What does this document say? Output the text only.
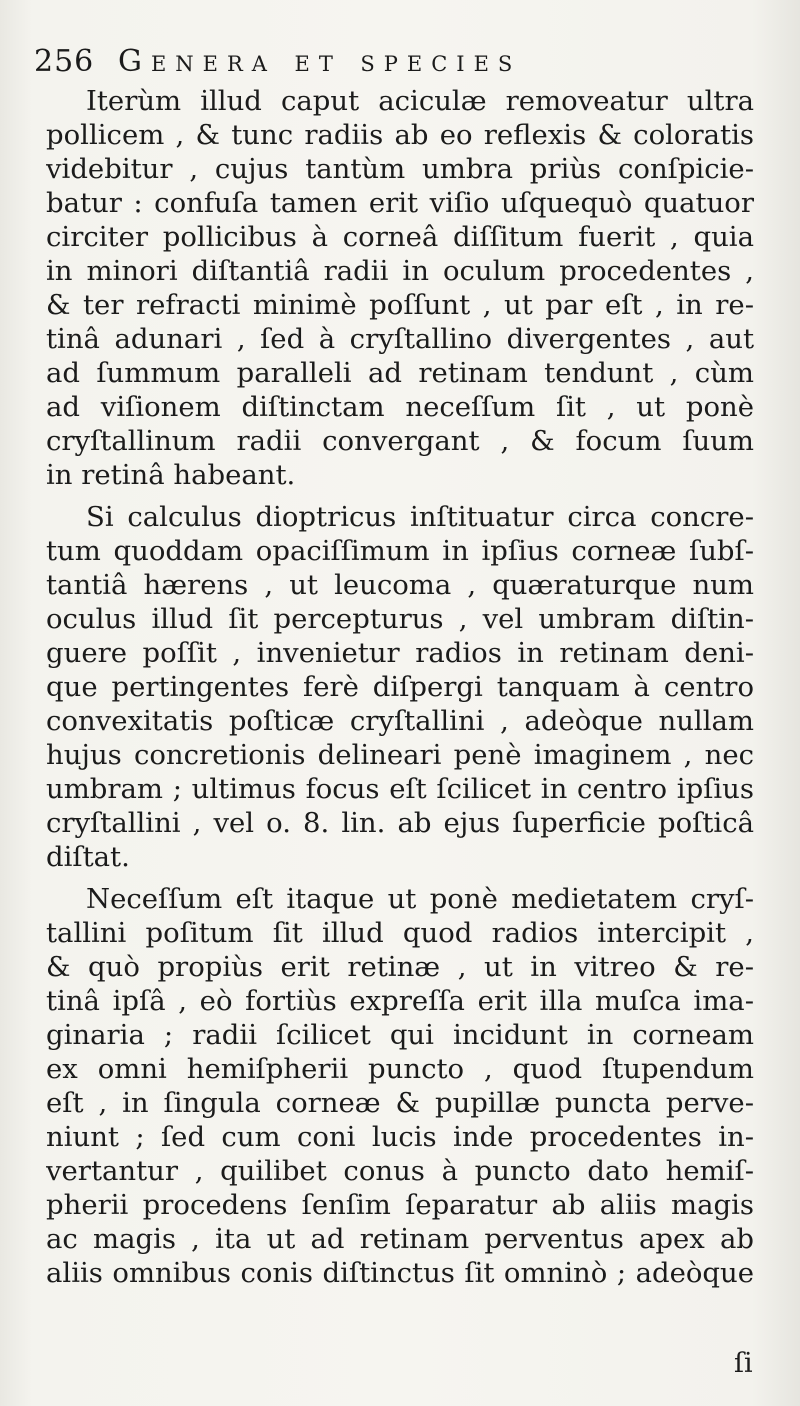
256 Genera et species
Iterùm illud caput aciculæ removeatur ultra
pollicem , & tunc radiis ab eo reflexis & coloratis
videbitur , cujus tantùm umbra priùs conſpicie-
batur : confuſa tamen erit viſio uſquequò quatuor
circiter pollicibus à corneâ diſſitum fuerit , quia
in minori diſtantiâ radii in oculum procedentes ,
& ter refracti minimè poſſunt , ut par eſt , in re-
tinâ adunari , ſed à cryſtallino divergentes , aut
ad ſummum paralleli ad retinam tendunt , cùm
ad viſionem diſtinctam neceſſum ſit , ut ponè
cryſtallinum radii convergant , & focum ſuum
in retinâ habeant.
Si calculus dioptricus inſtituatur circa concre-
tum quoddam opaciſſimum in ipſius corneæ ſubſ-
tantiâ hærens , ut leucoma , quæraturque num
oculus illud ſit percepturus , vel umbram diſtin-
guere poſſit , invenietur radios in retinam deni-
que pertingentes ferè diſpergi tanquam à centro
convexitatis poſticæ cryſtallini , adeòque nullam
hujus concretionis delineari penè imaginem , nec
umbram ; ultimus focus eſt ſcilicet in centro ipſius
cryſtallini , vel o. 8. lin. ab ejus ſuperficie poſticâ
diſtat.
Neceſſum eſt itaque ut ponè medietatem cryſ-
tallini poſitum ſit illud quod radios intercipit ,
& quò propiùs erit retinæ , ut in vitreo & re-
tinâ ipſâ , eò fortiùs expreſſa erit illa muſca ima-
ginaria ; radii ſcilicet qui incidunt in corneam
ex omni hemiſpherii puncto , quod ſtupendum
eſt , in ſingula corneæ & pupillæ puncta perve-
niunt ; ſed cum coni lucis inde procedentes in-
vertantur , quilibet conus à puncto dato hemiſ-
pherii procedens ſenſim ſeparatur ab aliis magis
ac magis , ita ut ad retinam perventus apex ab
aliis omnibus conis diſtinctus ſit omninò ; adeòque
ſi
